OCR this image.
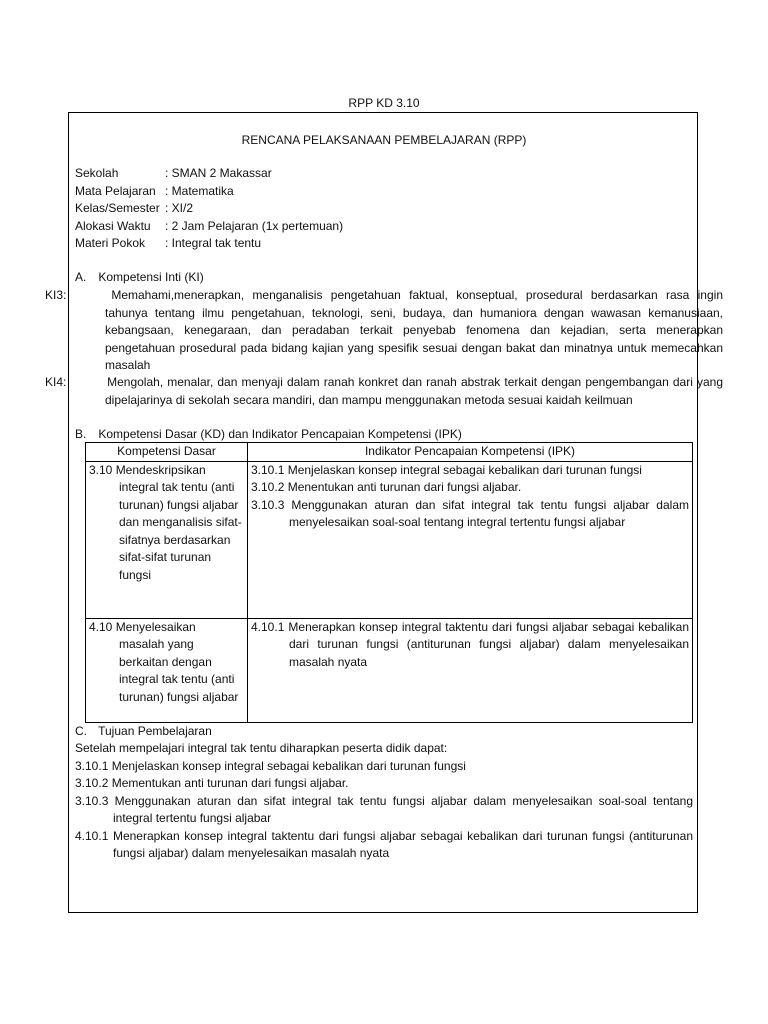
RPP KD 3.10
RENCANA PELAKSANAAN PEMBELAJARAN (RPP)
Sekolah	: SMAN 2 Makassar
Mata Pelajaran : Matematika
Kelas/Semester : XI/2
Alokasi Waktu	: 2 Jam Pelajaran (1x pertemuan)
Materi Pokok	: Integral tak tentu
A. Kompetensi Inti (KI)
KI3:	Memahami,menerapkan, menganalisis pengetahuan faktual, konseptual, prosedural berdasarkan rasa ingin tahunya tentang ilmu pengetahuan, teknologi, seni, budaya, dan humaniora dengan wawasan kemanusiaan, kebangsaan, kenegaraan, dan peradaban terkait penyebab fenomena dan kejadian, serta menerapkan pengetahuan prosedural pada bidang kajian yang spesifik sesuai dengan bakat dan minatnya untuk memecahkan masalah
KI4:	Mengolah, menalar, dan menyaji dalam ranah konkret dan ranah abstrak terkait dengan pengembangan dari yang dipelajarinya di sekolah secara mandiri, dan mampu menggunakan metoda sesuai kaidah keilmuan
B. Kompetensi Dasar (KD) dan Indikator Pencapaian Kompetensi (IPK)
Kompetensi Dasar	Indikator Pencapaian Kompetensi (IPK)

3.10 Mendeskripsikan integral tak tentu (anti turunan) fungsi aljabar dan menganalisis sifat-sifatnya berdasarkan sifat-sifat turunan fungsi	3.10.1 Menjelaskan konsep integral sebagai kebalikan dari turunan fungsi
3.10.2 Menentukan anti turunan dari fungsi aljabar.
3.10.3 Menggunakan aturan dan sifat integral tak tentu fungsi aljabar dalam menyelesaikan soal-soal tentang integral tertentu fungsi aljabar

4.10 Menyelesaikan masalah yang berkaitan dengan integral tak tentu (anti turunan) fungsi aljabar	4.10.1 Menerapkan konsep integral taktentu dari fungsi aljabar sebagai kebalikan dari turunan fungsi (antiturunan fungsi aljabar) dalam menyelesaikan masalah nyata
C. Tujuan Pembelajaran
Setelah mempelajari integral tak tentu diharapkan peserta didik dapat:
3.10.1 Menjelaskan konsep integral sebagai kebalikan dari turunan fungsi
3.10.2 Mementukan anti turunan dari fungsi aljabar.
3.10.3 Menggunakan aturan dan sifat integral tak tentu fungsi aljabar dalam menyelesaikan soal-soal tentang integral tertentu fungsi aljabar
4.10.1 Menerapkan konsep integral taktentu dari fungsi aljabar sebagai kebalikan dari turunan fungsi (antiturunan fungsi aljabar) dalam menyelesaikan masalah nyata
